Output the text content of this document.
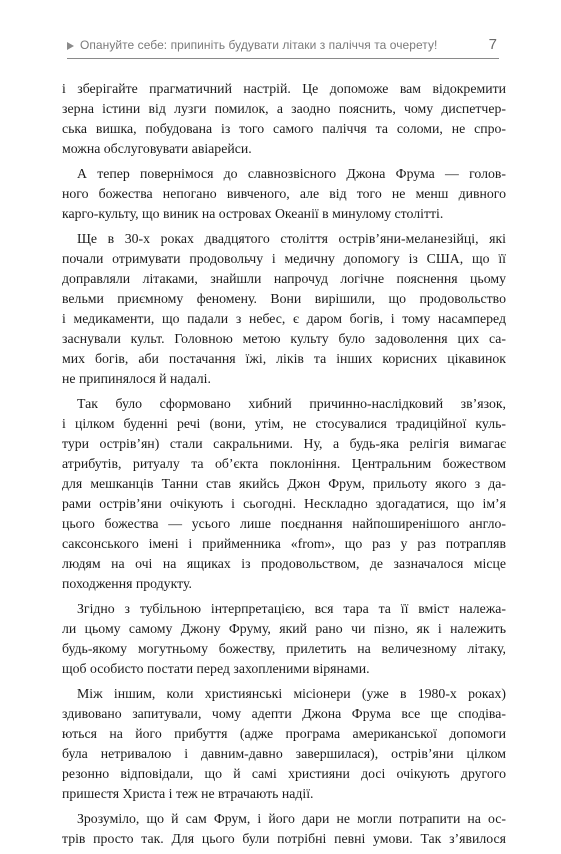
Опануйте себе: припиніть будувати літаки з паліччя та очерету!	7
і зберігайте прагматичний настрій. Це допоможе вам відокремити
зерна істини від лузги помилок, а заодно пояснить, чому диспетчер-
ська вишка, побудована із того самого паліччя та соломи, не спро-
можна обслуговувати авіарейси.
А тепер повернімося до славнозвісного Джона Фрума — голов-
ного божества непогано вивченого, але від того не менш дивного
карго-культу, що виник на островах Океанії в минулому столітті.
Ще в 30-х роках двадцятого століття острів’яни-меланезійці, які
почали отримувати продовольчу і медичну допомогу із США, що її
доправляли літаками, знайшли напрочуд логічне пояснення цьому
вельми приємному феномену. Вони вирішили, що продовольство
і медикаменти, що падали з небес, є даром богів, і тому насамперед
заснували культ. Головною метою культу було задоволення цих са-
мих богів, аби постачання їжі, ліків та інших корисних цікавинок
не припинялося й надалі.
Так було сформовано хибний причинно-наслідковий зв’язок,
і цілком буденні речі (вони, утім, не стосувалися традиційної куль-
тури острів’ян) стали сакральними. Ну, а будь-яка релігія вимагає
атрибутів, ритуалу та об’єкта поклоніння. Центральним божеством
для мешканців Танни став якийсь Джон Фрум, прильоту якого з да-
рами острів’яни очікують і сьогодні. Нескладно здогадатися, що ім’я
цього божества — усього лише поєднання найпоширенішого англо-
саксонського імені і прийменника «from», що раз у раз потрапляв
людям на очі на ящиках із продовольством, де зазначалося місце
походження продукту.
Згідно з тубільною інтерпретацією, вся тара та її вміст належа-
ли цьому самому Джону Фруму, який рано чи пізно, як і належить
будь-якому могутньому божеству, прилетить на величезному літаку,
щоб особисто постати перед захопленими вірянами.
Між іншим, коли християнські місіонери (уже в 1980-х роках)
здивовано запитували, чому адепти Джона Фрума все ще сподіва-
ються на його прибуття (адже програма американської допомоги
була нетривалою і давним-давно завершилася), острів’яни цілком
резонно відповідали, що й самі християни досі очікують другого
пришестя Христа і теж не втрачають надії.
Зрозуміло, що й сам Фрум, і його дари не могли потрапити на ос-
трів просто так. Для цього були потрібні певні умови. Так з’явилося
